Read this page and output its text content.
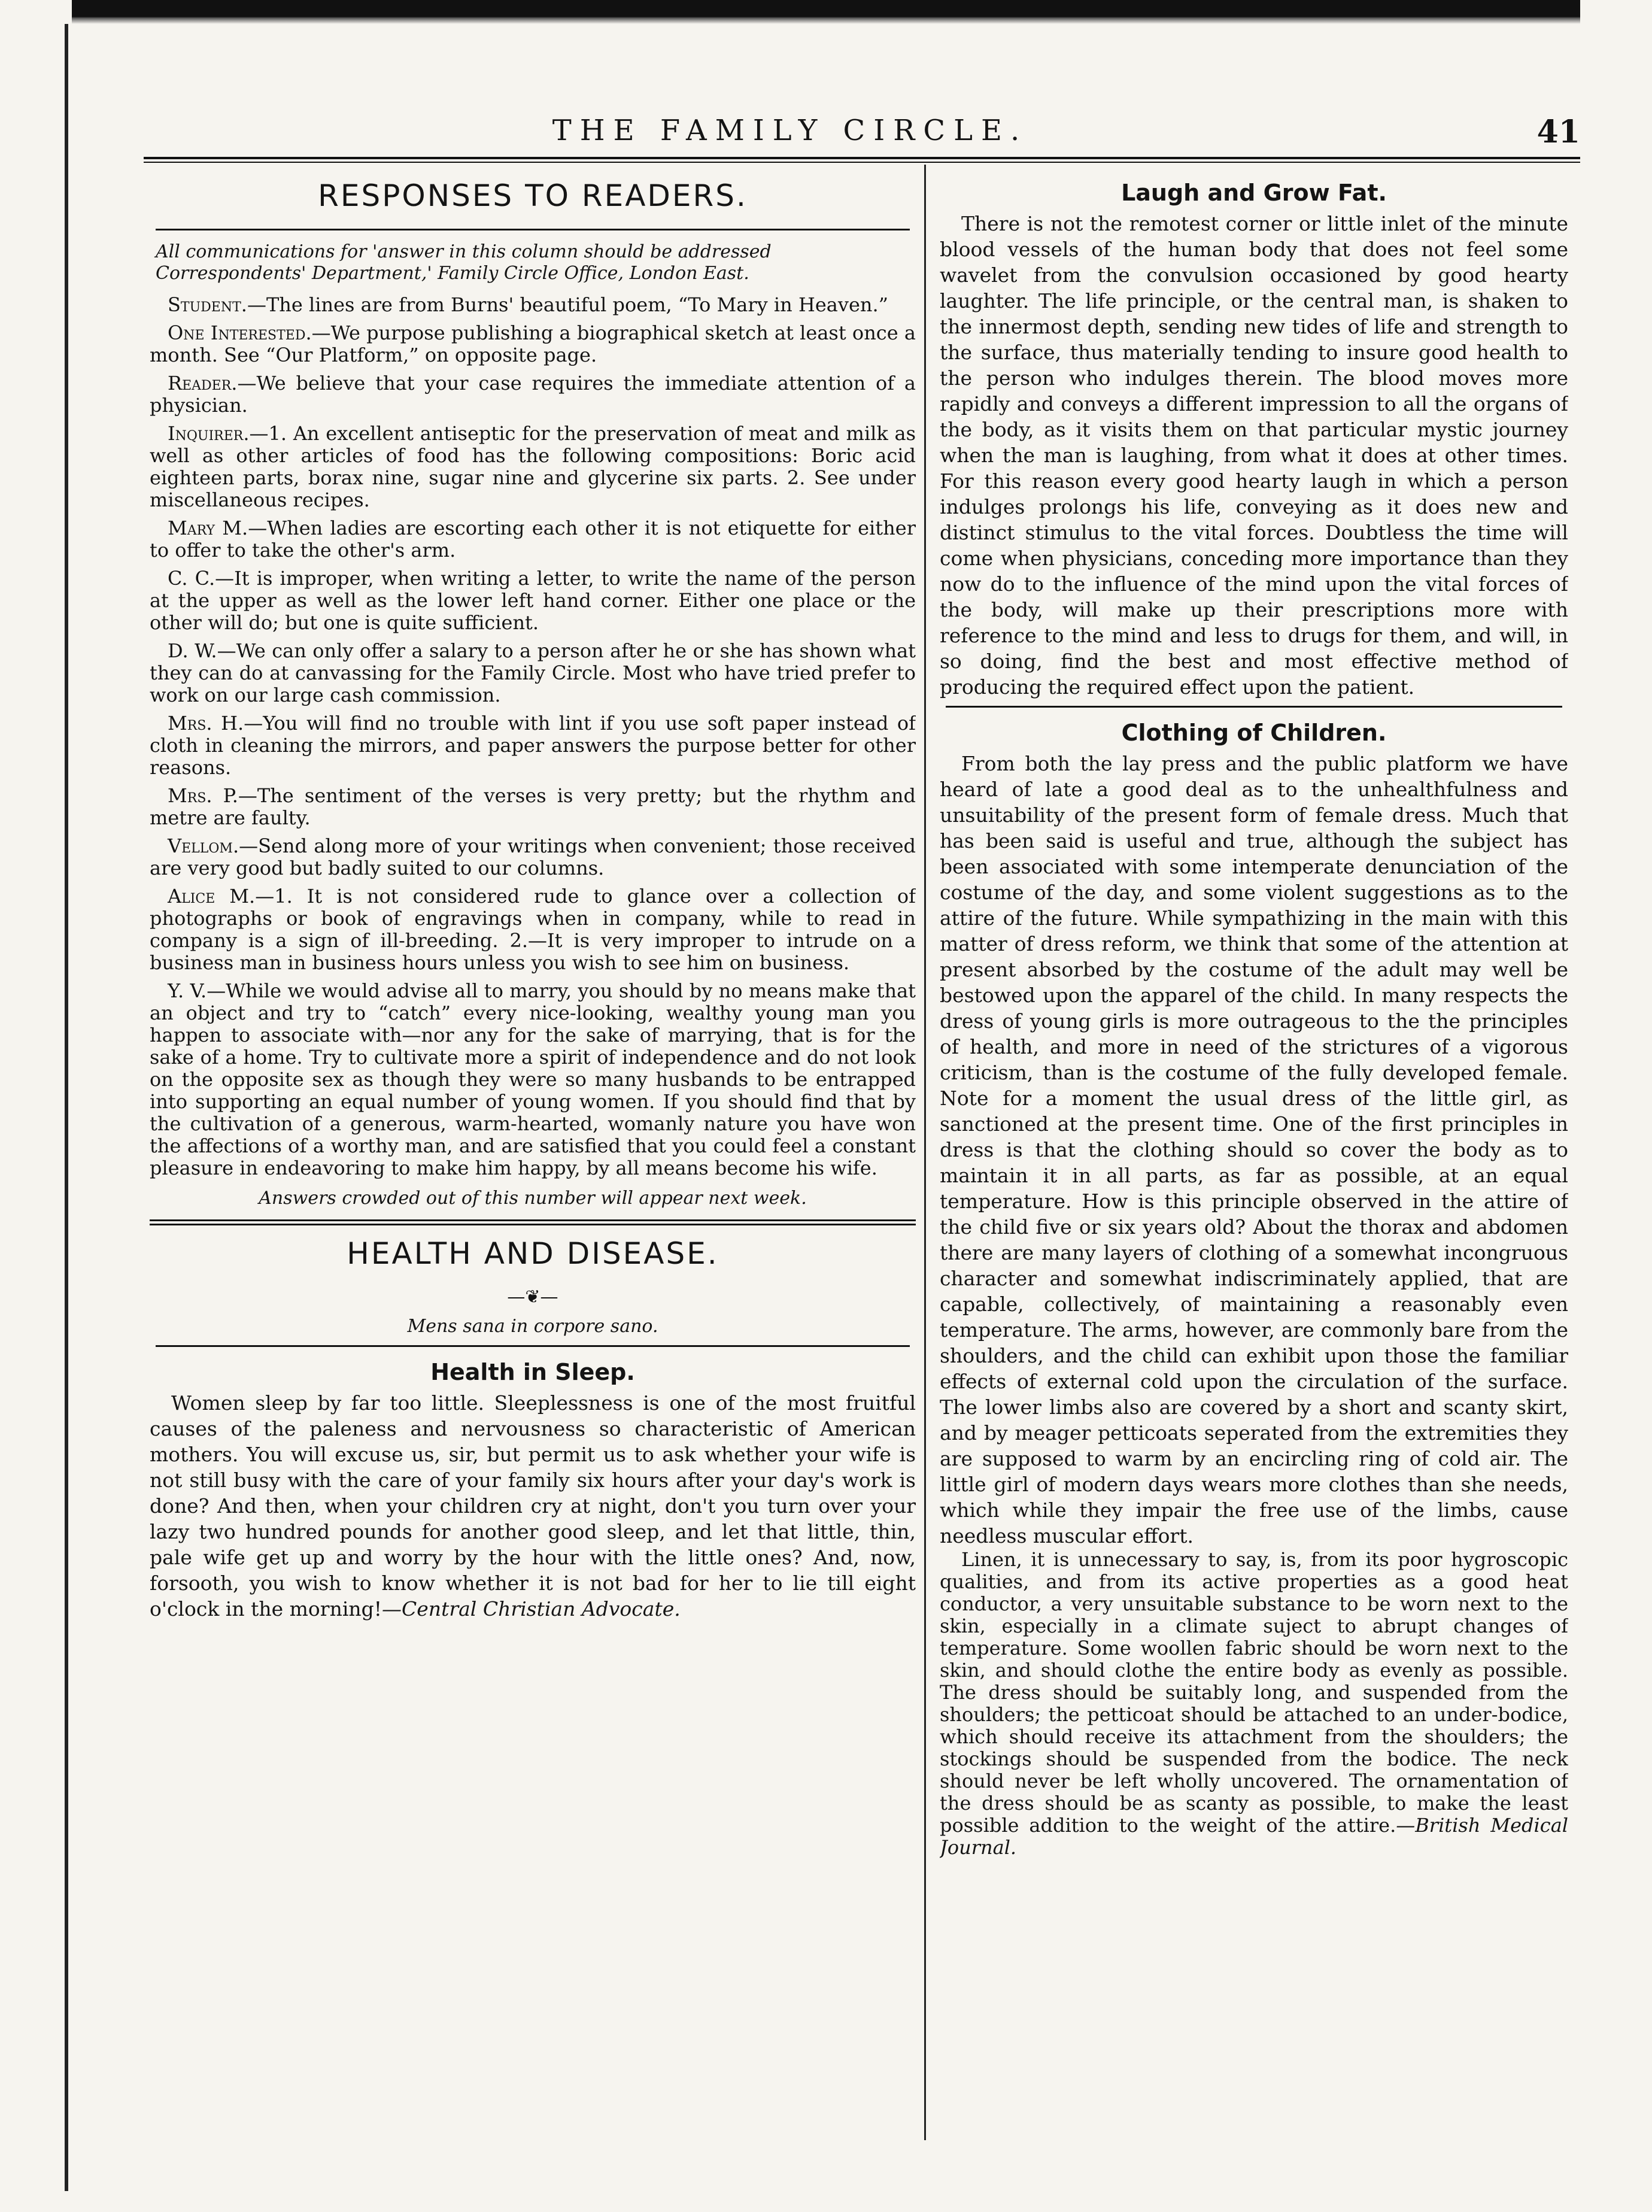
THE FAMILY CIRCLE.	41
RESPONSES TO READERS.

All communications for 'answer in this column should be addressed Correspondents' Department,' Family Circle Office, London East.

Student.—The lines are from Burns' beautiful poem, “To Mary in Heaven.”

One Interested.—We purpose publishing a biographical sketch at least once a month. See “Our Platform,” on opposite page.

Reader.—We believe that your case requires the immediate attention of a physician.

Inquirer.—1. An excellent antiseptic for the preservation of meat and milk as well as other articles of food has the following compositions: Boric acid eighteen parts, borax nine, sugar nine and glycerine six parts. 2. See under miscellaneous recipes.

Mary M.—When ladies are escorting each other it is not etiquette for either to offer to take the other's arm.

C. C.—It is improper, when writing a letter, to write the name of the person at the upper as well as the lower left hand corner. Either one place or the other will do; but one is quite sufficient.

D. W.—We can only offer a salary to a person after he or she has shown what they can do at canvassing for the Family Circle. Most who have tried prefer to work on our large cash commission.

Mrs. H.—You will find no trouble with lint if you use soft paper instead of cloth in cleaning the mirrors, and paper answers the purpose better for other reasons.

Mrs. P.—The sentiment of the verses is very pretty; but the rhythm and metre are faulty.

Vellom.—Send along more of your writings when convenient; those received are very good but badly suited to our columns.

Alice M.—1. It is not considered rude to glance over a collection of photographs or book of engravings when in company, while to read in company is a sign of ill-breeding. 2.—It is very improper to intrude on a business man in business hours unless you wish to see him on business.

Y. V.—While we would advise all to marry, you should by no means make that an object and try to “catch” every nice-looking, wealthy young man you happen to associate with—nor any for the sake of marrying, that is for the sake of a home. Try to cultivate more a spirit of independence and do not look on the opposite sex as though they were so many husbands to be entrapped into supporting an equal number of young women. If you should find that by the cultivation of a generous, warm-hearted, womanly nature you have won the affections of a worthy man, and are satisfied that you could feel a constant pleasure in endeavoring to make him happy, by all means become his wife.

Answers crowded out of this number will appear next week.

HEALTH AND DISEASE.
—❦—

Mens sana in corpore sano.

Health in Sleep.

Women sleep by far too little. Sleeplessness is one of the most fruitful causes of the paleness and nervousness so characteristic of American mothers. You will excuse us, sir, but permit us to ask whether your wife is not still busy with the care of your family six hours after your day's work is done? And then, when your children cry at night, don't you turn over your lazy two hundred pounds for another good sleep, and let that little, thin, pale wife get up and worry by the hour with the little ones? And, now, forsooth, you wish to know whether it is not bad for her to lie till eight o'clock in the morning!—Central Christian Advocate.

Laugh and Grow Fat.

There is not the remotest corner or little inlet of the minute blood vessels of the human body that does not feel some wavelet from the convulsion occasioned by good hearty laughter. The life principle, or the central man, is shaken to the innermost depth, sending new tides of life and strength to the surface, thus materially tending to insure good health to the person who indulges therein. The blood moves more rapidly and conveys a different impression to all the organs of the body, as it visits them on that particular mystic journey when the man is laughing, from what it does at other times. For this reason every good hearty laugh in which a person indulges prolongs his life, conveying as it does new and distinct stimulus to the vital forces. Doubtless the time will come when physicians, conceding more importance than they now do to the influence of the mind upon the vital forces of the body, will make up their prescriptions more with reference to the mind and less to drugs for them, and will, in so doing, find the best and most effective method of producing the required effect upon the patient.

Clothing of Children.

From both the lay press and the public platform we have heard of late a good deal as to the unhealthfulness and unsuitability of the present form of female dress. Much that has been said is useful and true, although the subject has been associated with some intemperate denunciation of the costume of the day, and some violent suggestions as to the attire of the future. While sympathizing in the main with this matter of dress reform, we think that some of the attention at present absorbed by the costume of the adult may well be bestowed upon the apparel of the child. In many respects the dress of young girls is more outrageous to the the principles of health, and more in need of the strictures of a vigorous criticism, than is the costume of the fully developed female. Note for a moment the usual dress of the little girl, as sanctioned at the present time. One of the first principles in dress is that the clothing should so cover the body as to maintain it in all parts, as far as possible, at an equal temperature. How is this principle observed in the attire of the child five or six years old? About the thorax and abdomen there are many layers of clothing of a somewhat incongruous character and somewhat indiscriminately applied, that are capable, collectively, of maintaining a reasonably even temperature. The arms, however, are commonly bare from the shoulders, and the child can exhibit upon those the familiar effects of external cold upon the circulation of the surface. The lower limbs also are covered by a short and scanty skirt, and by meager petticoats seperated from the extremities they are supposed to warm by an encircling ring of cold air. The little girl of modern days wears more clothes than she needs, which while they impair the free use of the limbs, cause needless muscular effort.

Linen, it is unnecessary to say, is, from its poor hygroscopic qualities, and from its active properties as a good heat conductor, a very unsuitable substance to be worn next to the skin, especially in a climate suject to abrupt changes of temperature. Some woollen fabric should be worn next to the skin, and should clothe the entire body as evenly as possible. The dress should be suitably long, and suspended from the shoulders; the petticoat should be attached to an under-bodice, which should receive its attachment from the shoulders; the stockings should be suspended from the bodice. The neck should never be left wholly uncovered. The ornamentation of the dress should be as scanty as possible, to make the least possible addition to the weight of the attire.—British Medical Journal.
